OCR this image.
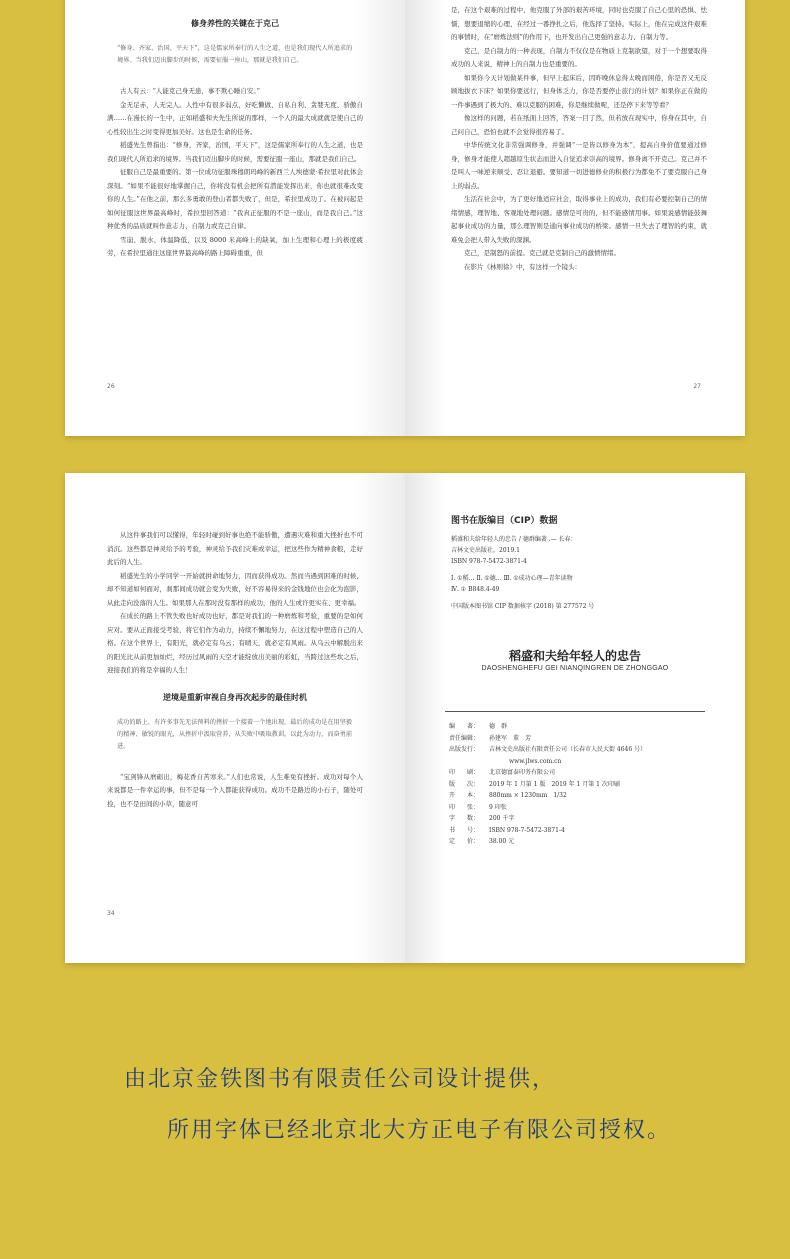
修身养性的关键在于克己
“修身、齐家、治国、平天下”，这是儒家所奉行的人生之道，也是我们现代人所追求的境界。当我们迈出脚步的时候，需要征服一座山，那就是我们自己。

古人有云：“人能克己身无患，事不欺心睡自安。”

金无足赤，人无完人。人性中有很多弱点，好吃懒做、自私自利、贪婪无度、骄傲自满……在漫长的一生中，正如稻盛和夫先生所说的那样，一个人的最大成就就是使自己的心性较出生之时变得更加美好。这也是生命的任务。

稻盛先生曾指出：“修身，齐家，治国，平天下”，这是儒家所奉行的人生之道，也是我们现代人所追求的境界。当我们迈出脚步的时候，需要征服一座山，那就是我们自己。

征服自己是最重要的。第一位成功征服珠穆朗玛峰的新西兰人埃德蒙·希拉里对此体会深刻。“如果不能很好地掌握自己，你将没有机会把所有潜能发挥出来，你也就很难改变你的人生。”在他之前，那么多勇敢的登山者都失败了，但是，希拉里成功了。在被问起是如何征服这世界最高峰时，希拉里回答道：“我真正征服的不是一座山，而是我自己。”这种优秀的品质就叫作意志力、自制力或克己自律。

雪崩、脱水、体温降低，以及 8000 米高峰上的缺氧，加上生理和心理上的极度疲劳，在希拉里通往这座世界最高峰的路上障碍重重，但

26

是，在这个艰难的过程中，他克服了外部的艰苦环境，同时也克服了自己心里的恐惧、怯懦，想要退缩的心理，在经过一番挣扎之后，他选择了坚持。实际上，他在完成这件艰难的事情时，在“磨炼法则”的作用下，也开发出自己更强的意志力、自制力等。

克己，是自制力的一种表现，自制力不仅仅是在物质上克制欲望，对于一个想要取得成功的人来说，精神上的自制力也是重要的。

如果你今天计划做某件事，但早上起床后，因昨晚休息得太晚而困倦，你是否又无反顾地拔衣下床？如果你要远行，但身体乏力，你是否要停止旅行的计划？如果你正在做的一件事遇到了极大的、难以克服的困难，你是继续做呢，还是停下来等等看？

像这样的问题，若在纸面上回答，答案一目了然，但若放在现实中，你身在其中，自己问自己，恐怕也就不会觉得很容易了。

中华传统文化非常强调修身，并强调“一是皆以修身为本”，提高自身价值要通过修身，修身才能使人超越原生状态而进入自觉追求崇高的境界。修身离不开克己。克己并不是叫人一味逆来顺受、忍让退避。要知道一切进德修业的积极行为都免不了要克服自己身上的弱点。

生活在社会中，为了更好地适应社会，取得事业上的成功，我们有必要控制自己的情绪情感，理智地、客观地处理问题。感情是可贵的，但不能感情用事。如果说感情能鼓舞起事业成功的力量，那么理智则是通向事业成功的桥梁。感情一旦失去了理智的约束，就难免会把人带入失败的深渊。

克己，是制怒的前提。克己就是克制自己的激愤情绪。

在影片《林则徐》中，有这样一个镜头：

27

从这件事我们可以懂得，年轻时碰到好事也绝不能骄傲，遭遇灾难和重大挫折也不可消沉。这些都是神灵给予的考验，神灵给予我们灾难或幸运，把这些作为精神食粮，走好此后的人生。

稻盛先生的小学同学一开始就拼命地努力，因而获得成功。然而当遇到困难的时候，却不知道如何面对，刹那间成功就会变为失败，好不容易得来的金钱地位也会化为泡影，从此走向没落的人生。如果那人在那时没有那样的成功，他的人生或许更实在、更幸福。

在成长的路上不管失败也好成功也好，都是对我们的一种磨炼和考验，重要的是如何应对。要从正面接受考验，将它们作为动力，持续不懈地努力，在这过程中塑造自己的人格。在这个世界上，有阳光，就必定有乌云；有晴天，就必定有风雨。从乌云中解脱出来的阳光比从前更加灿烂，经历过风雨的天空才能绽放出美丽的彩虹，当跨过这些坎之后，迎接我们的将是幸福的人生！

逆境是重新审视自身再次起步的最佳时机
成功的路上，有许多事先无法预料的挫折一个接着一个地出现，最后的成功是在用坚毅的精神、敏锐的眼光，从挫折中汲取营养，从失败中吸取教训，以此为动力，而奋勇前进。

“宝剑锋从磨砺出，梅花香自苦寒来。”人们也常说，人生难免有挫折。成功对每个人来说都是一件幸运的事，但不是每一个人都能获得成功。成功不是路边的小石子，随处可捡，也不是田间的小草，随意可

34
图书在版编目（CIP）数据
稻盛和夫给年轻人的忠告 / 德群编著 .— 长春：
吉林文史出版社，2019.1
ISBN 978-7-5472-3871-4
Ⅰ. ①稻… Ⅱ. ①德… Ⅲ. ①成功心理—青年读物
Ⅳ. ① B848.4-49
中国版本图书馆 CIP 数据核字 (2018) 第 277572 号
稻盛和夫给年轻人的忠告
DAOSHENGHEFU GEI NIANQINGREN DE ZHONGGAO
编　　著：	德　群
责任编辑：	孙建军　董　芳
出版发行：	吉林文史出版社有限责任公司（长春市人民大街 4646 号）
www.jlws.com.cn
印　　刷：	北京德富泰印务有限公司
版　　次：	2019 年 1 月第 1 版　2019 年 1 月第 1 次印刷
开　　本：	880mm × 1230mm　1/32
印　　张：	9 印张
字　　数：	200 千字
书　　号：	ISBN 978-7-5472-3871-4
定　　价：	38.00 元
由北京金铁图书有限责任公司设计提供，
所用字体已经北京北大方正电子有限公司授权。
